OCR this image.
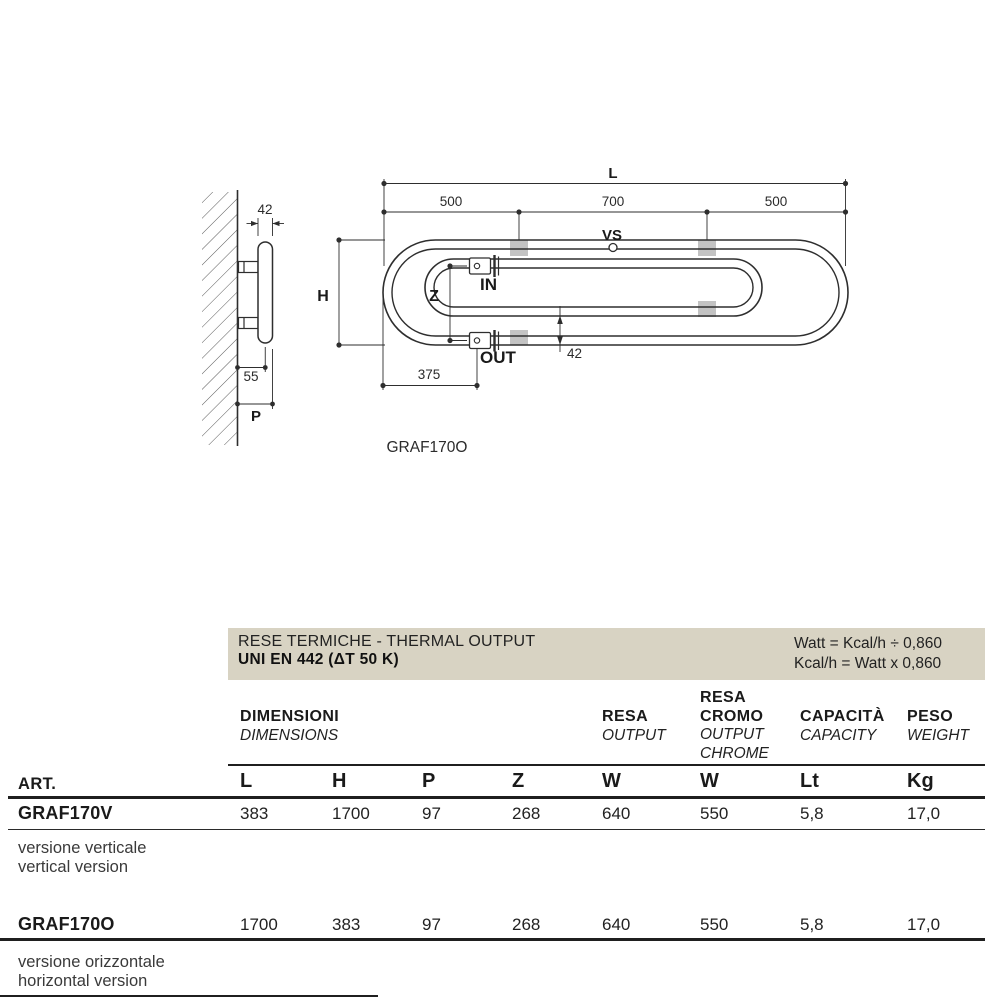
42
55
P
IN
OUT
VS
L
500	700	500
H	Z
42
375
GRAF170O
RESE TERMICHE - THERMAL OUTPUT
UNI EN 442 (ΔT 50 K)
Watt = Kcal/h ÷ 0,860
Kcal/h = Watt x 0,860
DIMENSIONI
DIMENSIONS
RESA
OUTPUT
RESA
CROMO
OUTPUT
CHROME
CAPACITÀ
CAPACITY
PESO
WEIGHT
ART.	L	H	P	Z	W	W	Lt	Kg
GRAF170V	383	1700	97	268	640	550	5,8	17,0
versione verticale
vertical version
GRAF170O	1700	383	97	268	640	550	5,8	17,0
versione orizzontale
horizontal version
